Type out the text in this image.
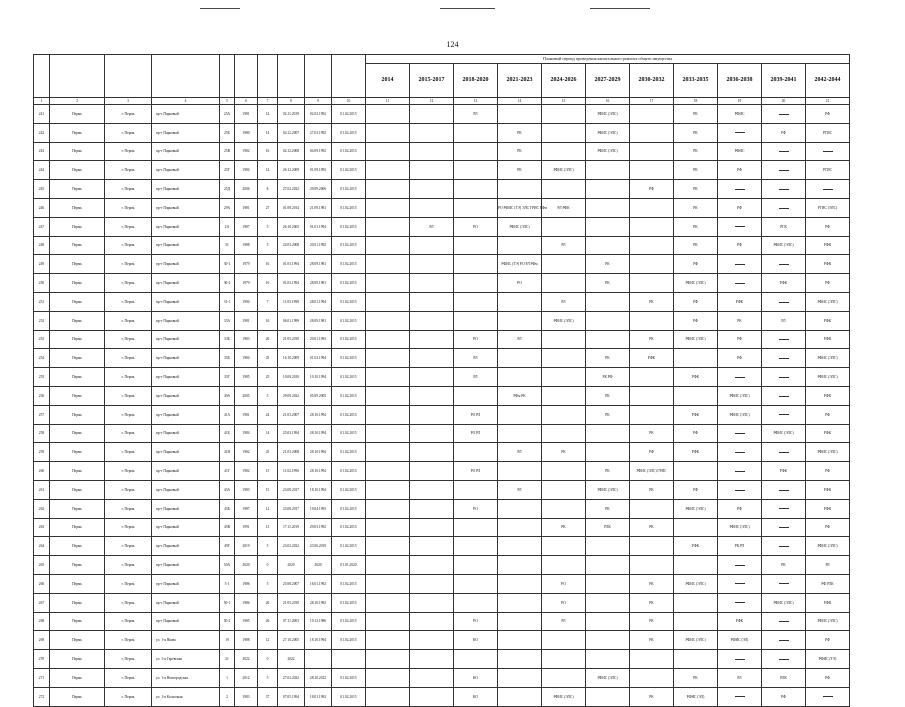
124
										Плановый период проведения капитального ремонта общего имущества										
										2014	2015-2017	2018-2020	2021-2023	2024-2026	2027-2029	2030-2032	2033-2035	2036-2038	2039-2041	2042-2044
1	2	3	4	5	6	7	8	9	10	11	12	13	14	15	16	17	18	19	20	21
241	Пермь	г. Пермь	пр-т Парковый	25А	1981	14	02.11.2019	02.03.1992	01.02.2015			РЛ			РФИС (ЭЛС)		РК	РФИС		РФ
242	Пермь	г. Пермь	пр-т Парковый	25Б	1980	14	04.12.2007	27.03.1992	01.02.2015				РК		РФИС (ЭЛС)		РК		РФ	РГИС
243	Пермь	г. Пермь	пр-т Парковый	25В	1982	16	02.12.2008	04.09.1992	01.02.2015				РК		РФИС (ЭЛС)		РК	РФИС		
244	Пермь	г. Пермь	пр-т Парковый	25Г	1984	14	26.12.2009	01.09.1993	01.02.2015				РК	РФИС (ЭЛС)			РК	РФ		РГИС
245	Пермь	г. Пермь	пр-т Парковый	25Д	2006	8	27.02.2022	29.09.2006	01.02.2015							РФ	РК			
246	Пермь	г. Пермь	пр-т Парковый	29А	1981	27	01.08.2014	21.09.1981	01.02.2015				РО РФИС (ТЭ) ЭЛС ГРИС РФм	РЛ РФК			РК	РФ		РГИС (ЭЛС)
247	Пермь	г. Пермь	пр-т Парковый	2А	1987	5	26.10.2005	01.01.1994	01.02.2015		РЛ	РО	РФИС (ЭЛС)				РК		РГК	РФ
248	Пермь	г. Пермь	пр-т Парковый	31	1988	5	24.03.2008	20.01.1992	01.02.2015					РЛ			РК	РФ	РФИС (ЭЛС)	РФК
249	Пермь	г. Пермь	пр-т Парковый	30-1	1979	16	01.03.1994	28.09.1981	01.02.2015				РФИС (ТЭ) РО РЛ РФм		РК		РФ			РФК
250	Пермь	г. Пермь	пр-т Парковый	30-2	1979	16	01.03.1994	28.09.1981	01.02.2015				РО		РК		РФИС (ЭЛС)		РФК	РФ
251	Пермь	г. Пермь	пр-т Парковый	31-1	1994	7	11.03.1998	28.01.1994	01.02.2015					РЛ		РК	РФ	РФК		РФИС (ЭЛС)
252	Пермь	г. Пермь	пр-т Парковый	33А	1981	16	06.01.1999	28.09.1981	01.02.2015					РФИС (ЭЛС)			РФ	РК	РЛ	РФК
253	Пермь	г. Пермь	пр-т Парковый	33Б	1983	26	21.05.2010	20.01.1993	01.02.2015			РО	РЛ			РК	РФИС (ЭЛС)	РФ		РФК
254	Пермь	г. Пермь	пр-т Парковый	35Б	1984	25	16.10.2009	01.03.1994	01.02.2015			РЛ			РК	РФК		РФ		РФИС (ЭЛС)
255	Пермь	г. Пермь	пр-т Парковый	35Г	1985	25	10.09.2010	10.10.1994	01.02.2015			РЛ			РК РФ		РФК			РФИС (ЭЛС)
256	Пермь	г. Пермь	пр-т Парковый	40А	2005	5	29.09.2022	05.09.2005	01.02.2015				РФм РК		РК			РФИС (ЭЛС)		РФК
257	Пермь	г. Пермь	пр-т Парковый	41А	1981	24	21.03.2007	28.10.1994	01.02.2015			РО РЛ			РК		РФК	РФИС (ЭЛС)		РФ
258	Пермь	г. Пермь	пр-т Парковый	41Б	1984	14	25.03.1994	28.10.1994	01.02.2015			РО РЛ				РК	РФ		РФИС (ЭЛС)	РФК
259	Пермь	г. Пермь	пр-т Парковый	41Н	1982	25	21.03.2008	28.10.1994	01.02.2015				РЛ	РК		РФ	РФК			РФИС (ЭЛС)
260	Пермь	г. Пермь	пр-т Парковый	41Г	1982	15	11.02.1996	28.10.1994	01.02.2015			РО РЛ			РК	РФИС (ЭЛС) ГРИС			РФК	РФ
261	Пермь	г. Пермь	пр-т Парковый	43А	1983	15	23.08.2017	18.10.1994	01.02.2015				РЛ		РФИС (ЭЛС)	РК	РФ			РФК
262	Пермь	г. Пермь	пр-т Парковый	45Б	1987	12	23.08.2017	19.04.1993	01.02.2015			РО			РК		РФИС (ЭЛС)	РФ		РФК
263	Пермь	г. Пермь	пр-т Парковый	45В	1991	13	17.11.2019	29.03.1992	01.02.2015					РК	РЛК	РК		РФИС (ЭЛС)		РФ
264	Пермь	г. Пермь	пр-т Парковый	49Г	2019	5	23.02.2022	23.06.2019	01.02.2015								РФК	РК РЛ		РФИС (ЭЛС)
265	Пермь	г. Пермь	пр-т Парковый	50А	2020	0	2020	2020	01.01.2020										РК	РЛ
266	Пермь	г. Пермь	пр-т Парковый	5-1	1986	5	25.08.2007	16.01.1992	01.02.2015					РО		РК	РФИС (ЭЛС)			РФ РЛК
267	Пермь	г. Пермь	пр-т Парковый	50-1	1986	26	21.05.2010	28.10.1992	01.02.2015					РО		РК			РФИС (ЭЛС)	РФК
268	Пермь	г. Пермь	пр-т Парковый	50-2	1985	26	07.11.2003	19.12.1986	01.02.2015			РО		РЛ		РК		РФК		РФИС (ЭЛС)
269	Пермь	г. Пермь	ул. 1-я Якова	19	1988	12	27.10.2005	18.10.1994	01.02.2015			КО				РК	РФИС (ЭЛС)	РФИС (ЭЛ)		РФ
270	Пермь	г. Пермь	ул. 1-я Гаревская	21	2022	0	2022													РФИС (ТЭ)
271	Пермь	г. Пермь	ул. 1-я Новгородская	1	2012	5	27.02.2022	28.10.2012	01.02.2015			КО			РФИС (ЭЛС)		РК	РЛ	РЛК	РФ
272	Пермь	г. Пермь	ул. 1-я Колхозная	2	1983	37	07.05.1994	18.01.1992	01.02.2015			КО		РФИС (ЭЛС)		РК	РФИС (ЭЛ)		РФ	
